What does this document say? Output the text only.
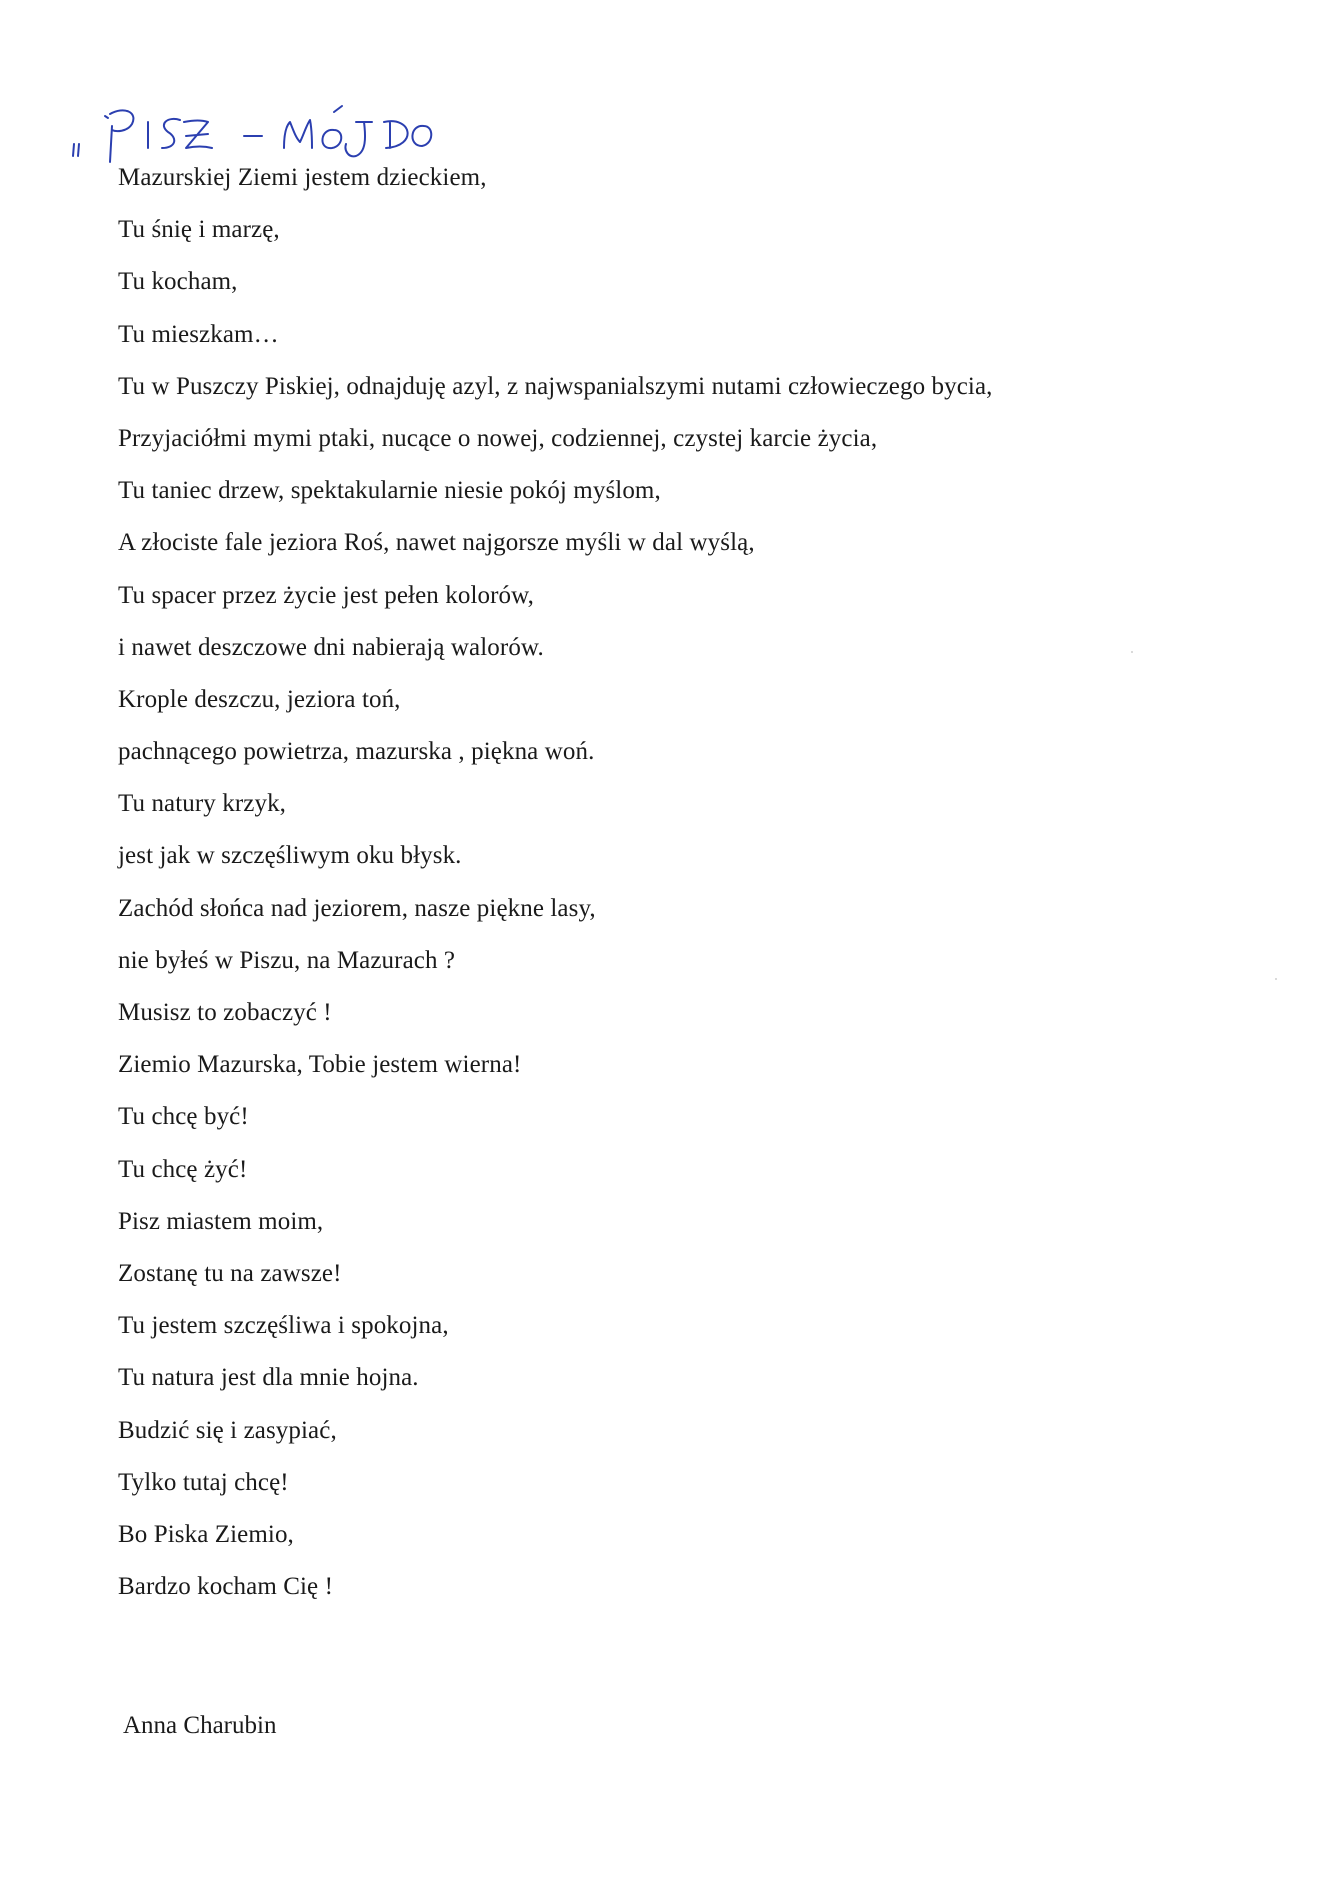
Mazurskiej Ziemi jestem dzieckiem,
Tu śnię i marzę,
Tu kocham,
Tu mieszkam…
Tu w Puszczy Piskiej, odnajduję azyl, z najwspanialszymi nutami człowieczego bycia,
Przyjaciółmi mymi ptaki, nucące o nowej, codziennej, czystej karcie życia,
Tu taniec drzew, spektakularnie niesie pokój myślom,
A złociste fale jeziora Roś, nawet najgorsze myśli w dal wyślą,
Tu spacer przez życie jest pełen kolorów,
i nawet deszczowe dni nabierają walorów.
Krople deszczu, jeziora toń,
pachnącego powietrza, mazurska , piękna woń.
Tu natury krzyk,
jest jak w szczęśliwym oku błysk.
Zachód słońca nad jeziorem, nasze piękne lasy,
nie byłeś w Piszu, na Mazurach ?
Musisz to zobaczyć !
Ziemio Mazurska, Tobie jestem wierna!
Tu chcę być!
Tu chcę żyć!
Pisz miastem moim,
Zostanę tu na zawsze!
Tu jestem szczęśliwa i spokojna,
Tu natura jest dla mnie hojna.
Budzić się i zasypiać,
Tylko tutaj chcę!
Bo Piska Ziemio,
Bardzo kocham Cię !
Anna Charubin
